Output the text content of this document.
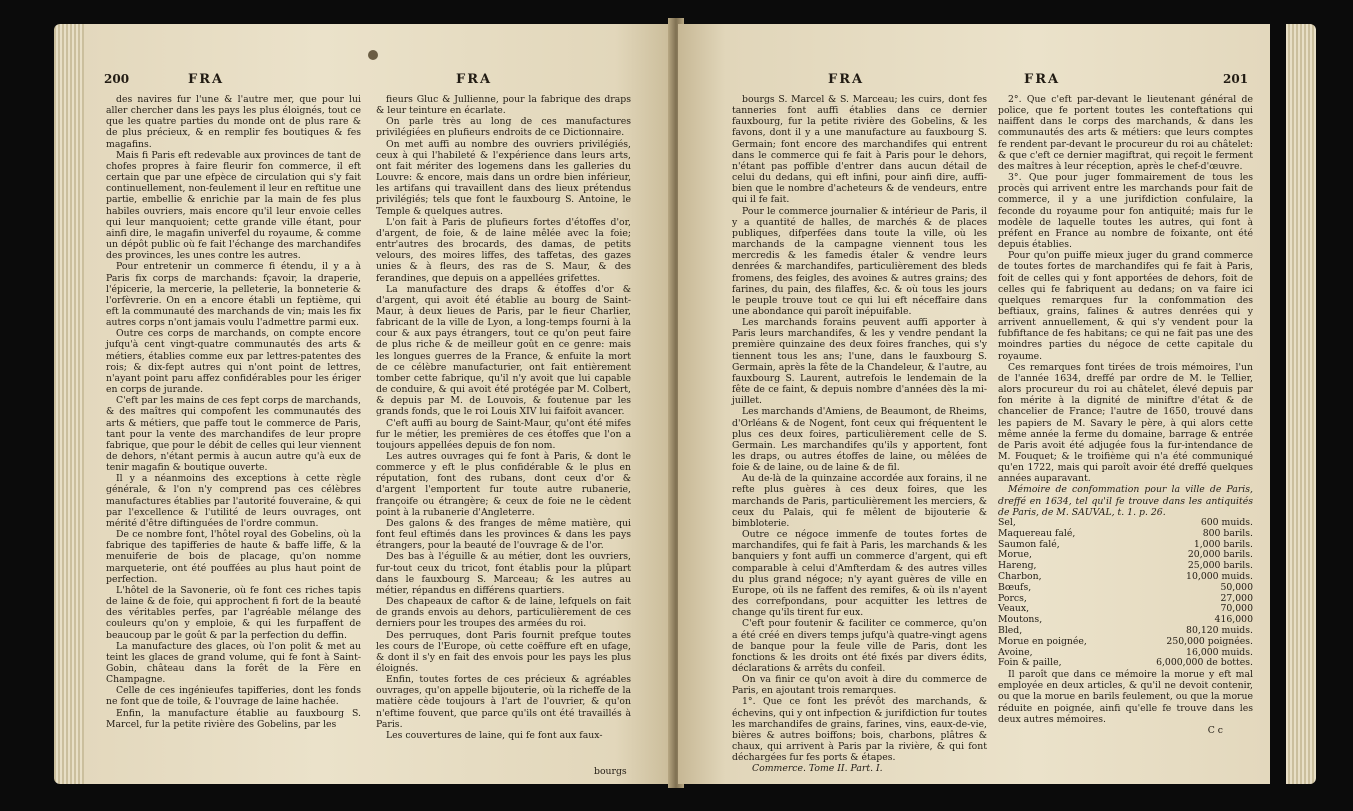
200	FRA	FRA

des navires fur l'une & l'autre mer, que pour lui aller chercher dans les pays les plus éloignés, tout ce que les quatre parties du monde ont de plus rare & de plus précieux, & en remplir fes boutiques & fes magafins.

Mais fi Paris eft redevable aux provinces de tant de chofes propres à faire fleurir fon commerce, il eft certain que par une efpèce de circulation qui s'y fait continuellement, non-feulement il leur en reftitue une partie, embellie & enrichie par la main de fes plus habiles ouvriers, mais encore qu'il leur envoie celles qui leur manquoient; cette grande ville étant, pour ainfi dire, le magafin univerfel du royaume, & comme un dépôt public où fe fait l'échange des marchandifes des provinces, les unes contre les autres.

Pour entretenir un commerce fi étendu, il y a à Paris fix corps de marchands: fçavoir, la draperie, l'épicerie, la mercerie, la pelleterie, la bonneterie & l'orfèvrerie. On en a encore établi un feptième, qui eft la communauté des marchands de vin; mais les fix autres corps n'ont jamais voulu l'admettre parmi eux.

Outre ces corps de marchands, on compte encore jufqu'à cent vingt-quatre communautés des arts & métiers, établies comme eux par lettres-patentes des rois; & dix-fept autres qui n'ont point de lettres, n'ayant point paru affez confidérables pour les ériger en corps de jurande.

C'eft par les mains de ces fept corps de marchands, & des maîtres qui compofent les communautés des arts & métiers, que paffe tout le commerce de Paris, tant pour la vente des marchandifes de leur propre fabrique, que pour le débit de celles qui leur viennent de dehors, n'étant permis à aucun autre qu'à eux de tenir magafin & boutique ouverte.

Il y a néanmoins des exceptions à cette règle générale, & l'on n'y comprend pas ces célèbres manufactures établies par l'autorité fouveraine, & qui par l'excellence & l'utilité de leurs ouvrages, ont mérité d'être diftinguées de l'ordre commun.

De ce nombre font, l'hôtel royal des Gobelins, où la fabrique des tapifferies de haute & baffe liffe, & la menuiferie de bois de placage, qu'on nomme marqueterie, ont été pouffées au plus haut point de perfection.

L'hôtel de la Savonerie, où fe font ces riches tapis de laine & de foie, qui approchent fi fort de la beauté des véritables perfes, par l'agréable mélange des couleurs qu'on y emploie, & qui les furpaffent de beaucoup par le goût & par la perfection du deffin.

La manufacture des glaces, où l'on polit & met au teint les glaces de grand volume, qui fe font à Saint-Gobin, château dans la forêt de la Fère en Champagne.

Celle de ces ingénieufes tapifferies, dont les fonds ne font que de toile, & l'ouvrage de laine hachée.

Enfin, la manufacture établie au fauxbourg S. Marcel, fur la petite rivière des Gobelins, par les

fieurs Gluc & Jullienne, pour la fabrique des draps & leur teinture en écarlate.

On parle très au long de ces manufactures privilégiées en plufieurs endroits de ce Dictionnaire.

On met auffi au nombre des ouvriers privilégiés, ceux à qui l'habileté & l'expérience dans leurs arts, ont fait mériter des logemens dans les galleries du Louvre: & encore, mais dans un ordre bien inférieur, les artifans qui travaillent dans des lieux prétendus privilégiés; tels que font le fauxbourg S. Antoine, le Temple & quelques autres.

L'on fait à Paris de plufieurs fortes d'étoffes d'or, d'argent, de foie, & de laine mêlée avec la foie; entr'autres des brocards, des damas, de petits velours, des moires liffes, des taffetas, des gazes unies & à fleurs, des ras de S. Maur, & des ferandines, que depuis on a appellées grifettes.

La manufacture des draps & étoffes d'or & d'argent, qui avoit été établie au bourg de Saint-Maur, à deux lieues de Paris, par le fieur Charlier, fabricant de la ville de Lyon, a long-temps fourni à la cour & aux pays étrangers, tout ce qu'on peut faire de plus riche & de meilleur goût en ce genre: mais les longues guerres de la France, & enfuite la mort de ce célèbre manufacturier, ont fait entièrement tomber cette fabrique, qu'il n'y avoit que lui capable de conduire, & qui avoit été protégée par M. Colbert, & depuis par M. de Louvois, & foutenue par les grands fonds, que le roi Louis XIV lui faifoit avancer.

C'eft auffi au bourg de Saint-Maur, qu'ont été mifes fur le métier, les premières de ces étoffes que l'on a toujours appellées depuis de fon nom.

Les autres ouvrages qui fe font à Paris, & dont le commerce y eft le plus confidérable & le plus en réputation, font des rubans, dont ceux d'or & d'argent l'emportent fur toute autre rubanerie, françoife ou étrangère; & ceux de foie ne le cèdent point à la rubanerie d'Angleterre.

Des galons & des franges de même matière, qui font feul eftimés dans les provinces & dans les pays étrangers, pour la beauté de l'ouvrage & de l'or.

Des bas à l'éguille & au métier, dont les ouvriers, fur-tout ceux du tricot, font établis pour la plûpart dans le fauxbourg S. Marceau; & les autres au métier, répandus en différens quartiers.

Des chapeaux de caftor & de laine, lefquels on fait de grands envois au dehors, particulièrement de ces derniers pour les troupes des armées du roi.

Des perruques, dont Paris fournit prefque toutes les cours de l'Europe, où cette coëffure eft en ufage, & dont il s'y en fait des envois pour les pays les plus éloignés.

Enfin, toutes fortes de ces précieux & agréables ouvrages, qu'on appelle bijouterie, où la richeffe de la matière cède toujours à l'art de l'ouvrier, & qu'on n'eftime fouvent, que parce qu'ils ont été travaillés à Paris.

Les couvertures de laine, qui fe font aux faux-

bourgs
FRA	FRA	201

bourgs S. Marcel & S. Marceau; les cuirs, dont fes tanneries font auffi établies dans ce dernier fauxbourg, fur la petite rivière des Gobelins, & les favons, dont il y a une manufacture au fauxbourg S. Germain; font encore des marchandifes qui entrent dans le commerce qui fe fait à Paris pour le dehors, n'étant pas poffible d'entrer dans aucun détail de celui du dedans, qui eft infini, pour ainfi dire, auffi-bien que le nombre d'acheteurs & de vendeurs, entre qui il fe fait.

Pour le commerce journalier & intérieur de Paris, il y a quantité de halles, de marchés & de places publiques, difperfées dans toute la ville, où les marchands de la campagne viennent tous les mercredis & les famedis étaler & vendre leurs denrées & marchandifes, particulièrement des bleds fromens, des feigles, des avoines & autres grains; des farines, du pain, des filaffes, &c. & où tous les jours le peuple trouve tout ce qui lui eft néceffaire dans une abondance qui paroît inépuifable.

Les marchands forains peuvent auffi apporter à Paris leurs marchandifes, & les y vendre pendant la première quinzaine des deux foires franches, qui s'y tiennent tous les ans; l'une, dans le fauxbourg S. Germain, après la fête de la Chandeleur, & l'autre, au fauxbourg S. Laurent, autrefois le lendemain de la fête de ce faint, & depuis nombre d'années dès la mi-juillet.

Les marchands d'Amiens, de Beaumont, de Rheims, d'Orléans & de Nogent, font ceux qui fréquentent le plus ces deux foires, particulièrement celle de S. Germain. Les marchandifes qu'ils y apportent, font les draps, ou autres étoffes de laine, ou mêlées de foie & de laine, ou de laine & de fil.

Au de-là de la quinzaine accordée aux forains, il ne refte plus guères à ces deux foires, que les marchands de Paris, particulièrement les merciers, & ceux du Palais, qui fe mêlent de bijouterie & bimbloterie.

Outre ce négoce immenfe de toutes fortes de marchandifes, qui fe fait à Paris, les marchands & les banquiers y font auffi un commerce d'argent, qui eft comparable à celui d'Amfterdam & des autres villes du plus grand négoce; n'y ayant guères de ville en Europe, où ils ne faffent des remifes, & où ils n'ayent des correfpondans, pour acquitter les lettres de change qu'ils tirent fur eux.

C'eft pour foutenir & faciliter ce commerce, qu'on a été créé en divers temps jufqu'à quatre-vingt agens de banque pour la feule ville de Paris, dont les fonctions & les droits ont été fixés par divers édits, déclarations & arrêts du confeil.

On va finir ce qu'on avoit à dire du commerce de Paris, en ajoutant trois remarques.

1°. Que ce font les prévôt des marchands, & échevins, qui y ont infpection & jurifdiction fur toutes les marchandifes de grains, farines, vins, eaux-de-vie, bières & autres boiffons; bois, charbons, plâtres & chaux, qui arrivent à Paris par la rivière, & qui font déchargées fur fes ports & étapes.

Commerce. Tome II. Part. I.

2°. Que c'eft par-devant le lieutenant général de police, que fe portent toutes les conteftations qui naiffent dans le corps des marchands, & dans les communautés des arts & métiers: que leurs comptes fe rendent par-devant le procureur du roi au châtelet: & que c'eft ce dernier magiftrat, qui reçoit le ferment des maîtres à leur réception, après le chef-d'œuvre.

3°. Que pour juger fommairement de tous les procès qui arrivent entre les marchands pour fait de commerce, il y a une jurifdiction confulaire, la feconde du royaume pour fon antiquité; mais fur le modèle de laquelle toutes les autres, qui font à préfent en France au nombre de foixante, ont été depuis établies.

Pour qu'on puiffe mieux juger du grand commerce de toutes fortes de marchandifes qui fe fait à Paris, foit de celles qui y font apportées de dehors, foit de celles qui fe fabriquent au dedans; on va faire ici quelques remarques fur la confommation des beftiaux, grains, falines & autres denrées qui y arrivent annuellement, & qui s'y vendent pour la fubfiftance de fes habitans; ce qui ne fait pas une des moindres parties du négoce de cette capitale du royaume.

Ces remarques font tirées de trois mémoires, l'un de l'année 1634, dreffé par ordre de M. le Tellier, alors procureur du roi au châtelet, élevé depuis par fon mérite à la dignité de miniftre d'état & de chancelier de France; l'autre de 1650, trouvé dans les papiers de M. Savary le père, à qui alors cette même année la ferme du domaine, barrage & entrée de Paris avoit été adjugée fous la fur-intendance de M. Fouquet; & le troifième qui n'a été communiqué qu'en 1722, mais qui paroît avoir été dreffé quelques années auparavant.

Mémoire de confommation pour la ville de Paris, dreffé en 1634, tel qu'il fe trouve dans les antiquités de Paris, de M. SAUVAL, t. 1. p. 26.

Sel,	600 muids.
Maquereau falé,	800 barils.
Saumon falé,	1,000 barils.
Morue,	20,000 barils.
Hareng,	25,000 barils.
Charbon,	10,000 muids.
Bœufs,	50,000
Porcs,	27,000
Veaux,	70,000
Moutons,	416,000
Bled,	80,120 muids.
Morue en poignée,	250,000 poignées.
Avoine,	16,000 muids.
Foin & paille,	6,000,000 de bottes.

Il paroît que dans ce mémoire la morue y eft mal employée en deux articles, & qu'il ne devoit contenir, ou que la morue en barils feulement, ou que la morue réduite en poignée, ainfi qu'elle fe trouve dans les deux autres mémoires.

C c
